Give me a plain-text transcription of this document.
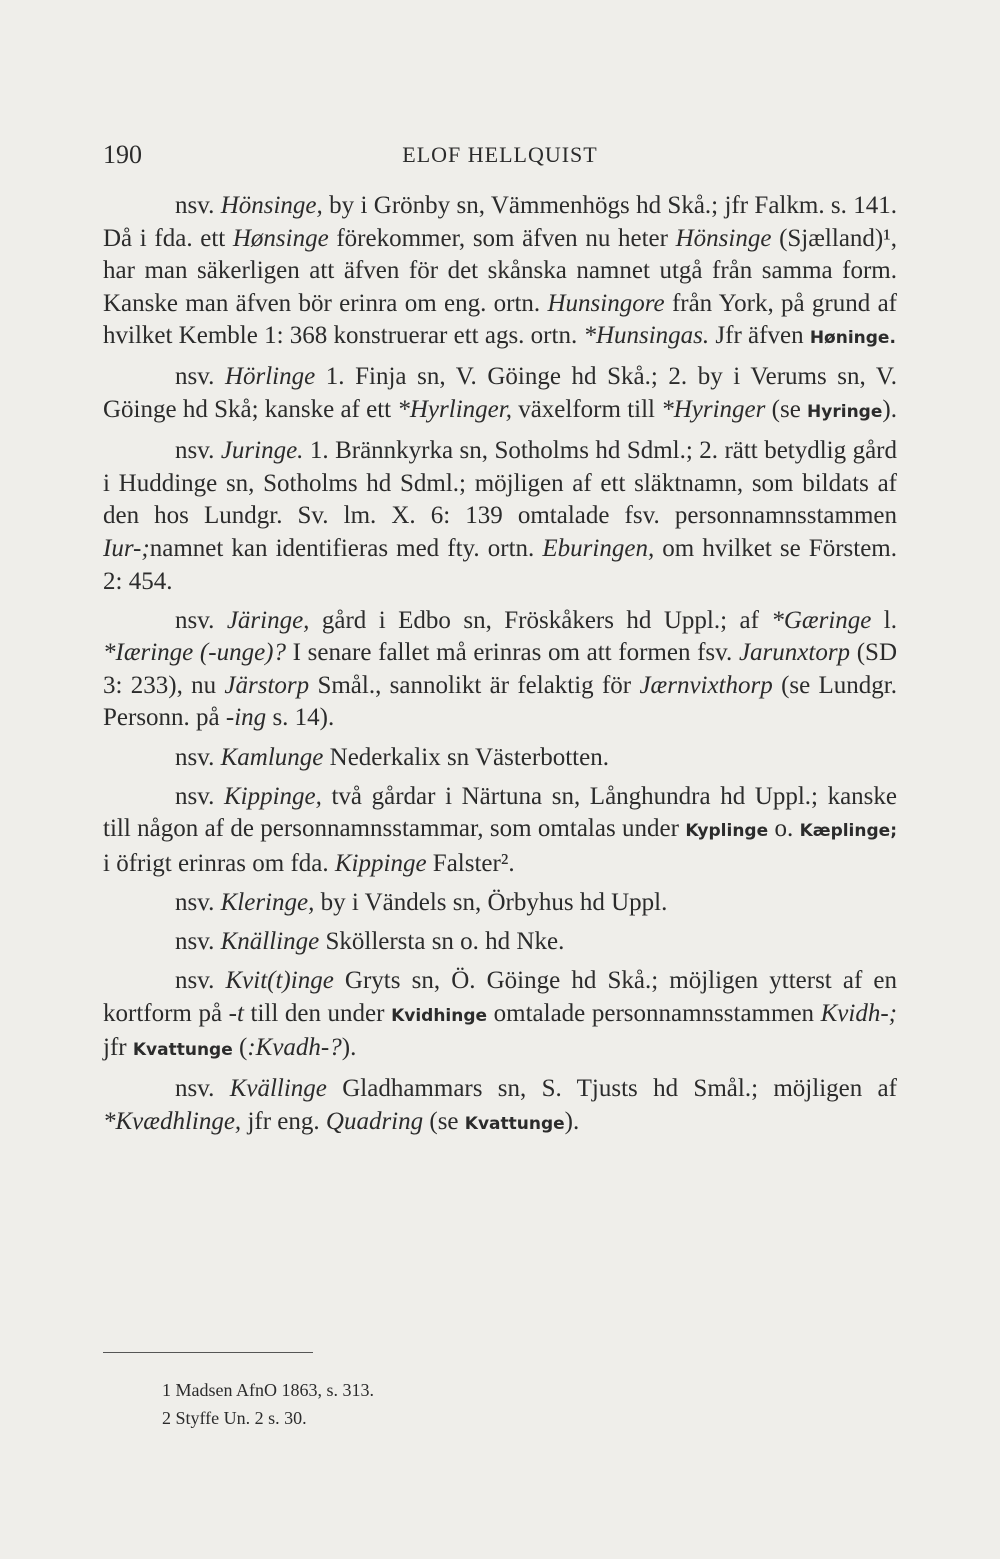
190	ELOF HELLQUIST

nsv. Hönsinge, by i Grönby sn, Vämmenhögs hd Skå.; jfr Falkm. s. 141. Då i fda. ett Hønsinge förekommer, som äfven nu heter Hönsinge (Sjælland)¹, har man säkerligen att äfven för det skånska namnet utgå från samma form. Kanske man äfven bör erinra om eng. ortn. Hunsingore från York, på grund af hvilket Kemble 1: 368 konstruerar ett ags. ortn. *Hunsingas. Jfr äfven Høninge.

nsv. Hörlinge 1. Finja sn, V. Göinge hd Skå.; 2. by i Verums sn, V. Göinge hd Skå; kanske af ett *Hyrlinger, växelform till *Hyringer (se Hyringe).

nsv. Juringe. 1. Brännkyrka sn, Sotholms hd Sdml.; 2. rätt betydlig gård i Huddinge sn, Sotholms hd Sdml.; möjligen af ett släktnamn, som bildats af den hos Lundgr. Sv. lm. X. 6: 139 omtalade fsv. personnamnsstammen Iur-;namnet kan identifieras med fty. ortn. Eburingen, om hvilket se Förstem. 2: 454.

nsv. Järinge, gård i Edbo sn, Fröskåkers hd Uppl.; af *Gæringe l. *Iæringe (-unge)? I senare fallet må erinras om att formen fsv. Jarunxtorp (SD 3: 233), nu Järstorp Smål., sannolikt är felaktig för Jærnvixthorp (se Lundgr. Personn. på -ing s. 14).

nsv. Kamlunge Nederkalix sn Västerbotten.

nsv. Kippinge, två gårdar i Närtuna sn, Långhundra hd Uppl.; kanske till någon af de personnamnsstammar, som omtalas under Kyplinge o. Kæplinge; i öfrigt erinras om fda. Kippinge Falster².

nsv. Kleringe, by i Vändels sn, Örbyhus hd Uppl.

nsv. Knällinge Sköllersta sn o. hd Nke.

nsv. Kvit(t)inge Gryts sn, Ö. Göinge hd Skå.; möjligen ytterst af en kortform på -t till den under Kvidhinge omtalade personnamnsstammen Kvidh-; jfr Kvattunge (:Kvadh-?).

nsv. Kvällinge Gladhammars sn, S. Tjusts hd Smål.; möjligen af *Kvædhlinge, jfr eng. Quadring (se Kvattunge).

1 Madsen AfnO 1863, s. 313.
2 Styffe Un. 2 s. 30.
